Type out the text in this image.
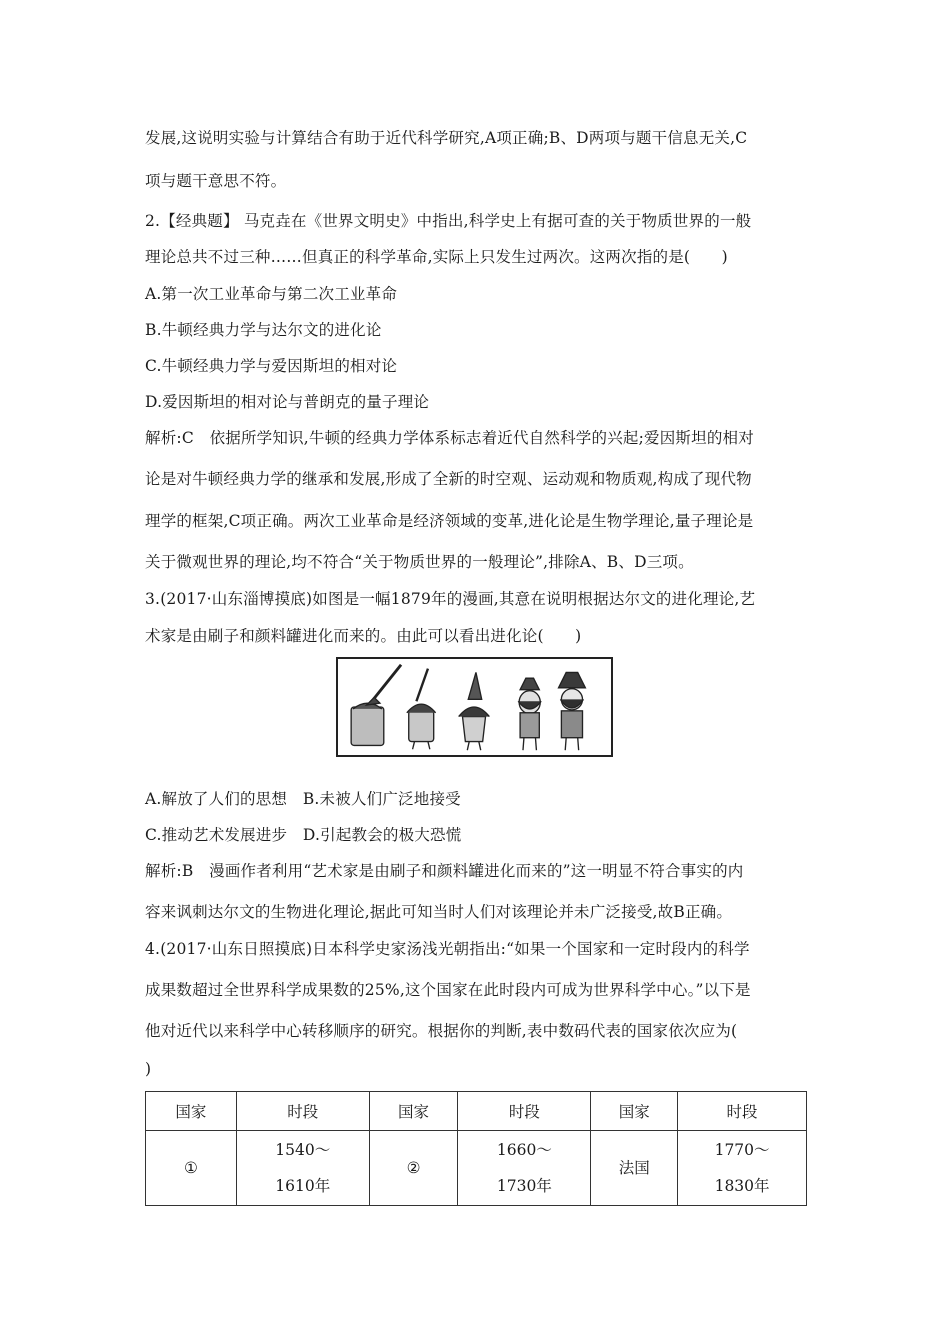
发展,这说明实验与计算结合有助于近代科学研究,A项正确;B、D两项与题干信息无关,C
项与题干意思不符。
2.【经典题】 马克垚在《世界文明史》中指出,科学史上有据可查的关于物质世界的一般
理论总共不过三种……但真正的科学革命,实际上只发生过两次。这两次指的是(　　)
A.第一次工业革命与第二次工业革命
B.牛顿经典力学与达尔文的进化论
C.牛顿经典力学与爱因斯坦的相对论
D.爱因斯坦的相对论与普朗克的量子理论
解析:C　依据所学知识,牛顿的经典力学体系标志着近代自然科学的兴起;爱因斯坦的相对
论是对牛顿经典力学的继承和发展,形成了全新的时空观、运动观和物质观,构成了现代物
理学的框架,C项正确。两次工业革命是经济领域的变革,进化论是生物学理论,量子理论是
关于微观世界的理论,均不符合“关于物质世界的一般理论”,排除A、B、D三项。
3.(2017·山东淄博摸底)如图是一幅1879年的漫画,其意在说明根据达尔文的进化理论,艺
术家是由刷子和颜料罐进化而来的。由此可以看出进化论(　　)
A.解放了人们的思想　B.未被人们广泛地接受
C.推动艺术发展进步　D.引起教会的极大恐慌
解析:B　漫画作者利用“艺术家是由刷子和颜料罐进化而来的”这一明显不符合事实的内
容来讽刺达尔文的生物进化理论,据此可知当时人们对该理论并未广泛接受,故B正确。
4.(2017·山东日照摸底)日本科学史家汤浅光朝指出:“如果一个国家和一定时段内的科学
成果数超过全世界科学成果数的25%,这个国家在此时段内可成为世界科学中心。”以下是
他对近代以来科学中心转移顺序的研究。根据你的判断,表中数码代表的国家依次应为(
)
国家	时段	国家	时段	国家	时段
①	1540～
1610年	②	1660～
1730年	法国	1770～
1830年
